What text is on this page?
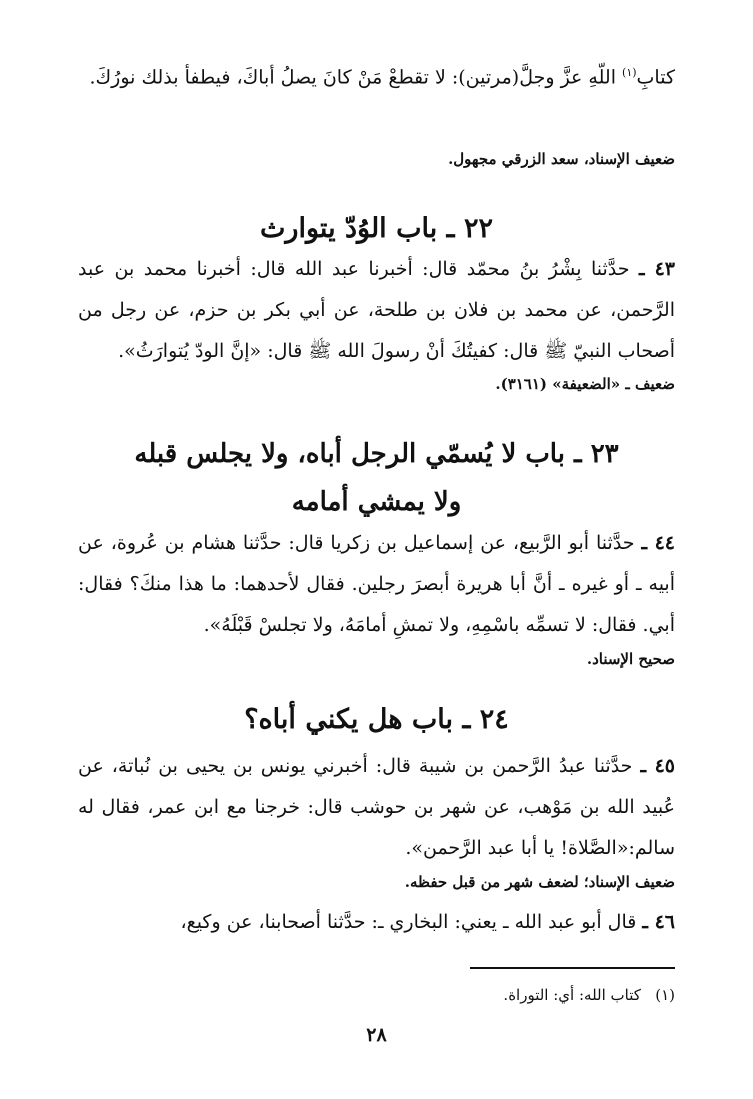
كتابِ$^{(١)}$ اللّهِ عزَّ وجلَّ(مرتين): لا تقطعْ مَنْ كانَ يصلُ أباكَ، فيطفأ بذلك نورُكَ.

ضعيف الإسناد، سعد الزرقي مجهول.

٢٢ ـ باب الوُدّ يتوارث

٤٣ ـ حدَّثنا بِشْرُ بنُ محمّد قال: أخبرنا عبد الله قال: أخبرنا محمد بن عبد الرَّحمن، عن محمد بن فلان بن طلحة، عن أبي بكر بن حزم، عن رجل من أصحاب النبيّ ﷺ قال: كفيتُكَ أنْ رسولَ الله ﷺ قال: «إنَّ الودّ يُتوارَثُ».

ضعيف ـ «الضعيفة» (٣١٦١).

٢٣ ـ باب لا يُسمّي الرجل أباه، ولا يجلس قبله
ولا يمشي أمامه

٤٤ ـ حدَّثنا أبو الرَّبيع، عن إسماعيل بن زكريا قال: حدَّثنا هشام بن عُروة، عن أبيه ـ أو غيره ـ أنَّ أبا هريرة أبصرَ رجلين. فقال لأحدهما: ما هذا منكَ؟ فقال: أبي. فقال: لا تسمِّه باسْمِهِ، ولا تمشِ أمامَهُ، ولا تجلسْ قَبْلَهُ».

صحيح الإسناد.

٢٤ ـ باب هل يكني أباه؟

٤٥ ـ حدَّثنا عبدُ الرَّحمن بن شيبة قال: أخبرني يونس بن يحيى بن نُباتة، عن عُبيد الله بن مَوْهب، عن شهر بن حوشب قال: خرجنا مع ابن عمر، فقال له سالم:«الصَّلاة! يا أبا عبد الرَّحمن».

ضعيف الإسناد؛ لضعف شهر من قبل حفظه.

٤٦ ـ قال أبو عبد الله ـ يعني: البخاري ـ: حدَّثنا أصحابنا، عن وكيع،

(١)   كتاب الله: أي: التوراة.

٢٨
